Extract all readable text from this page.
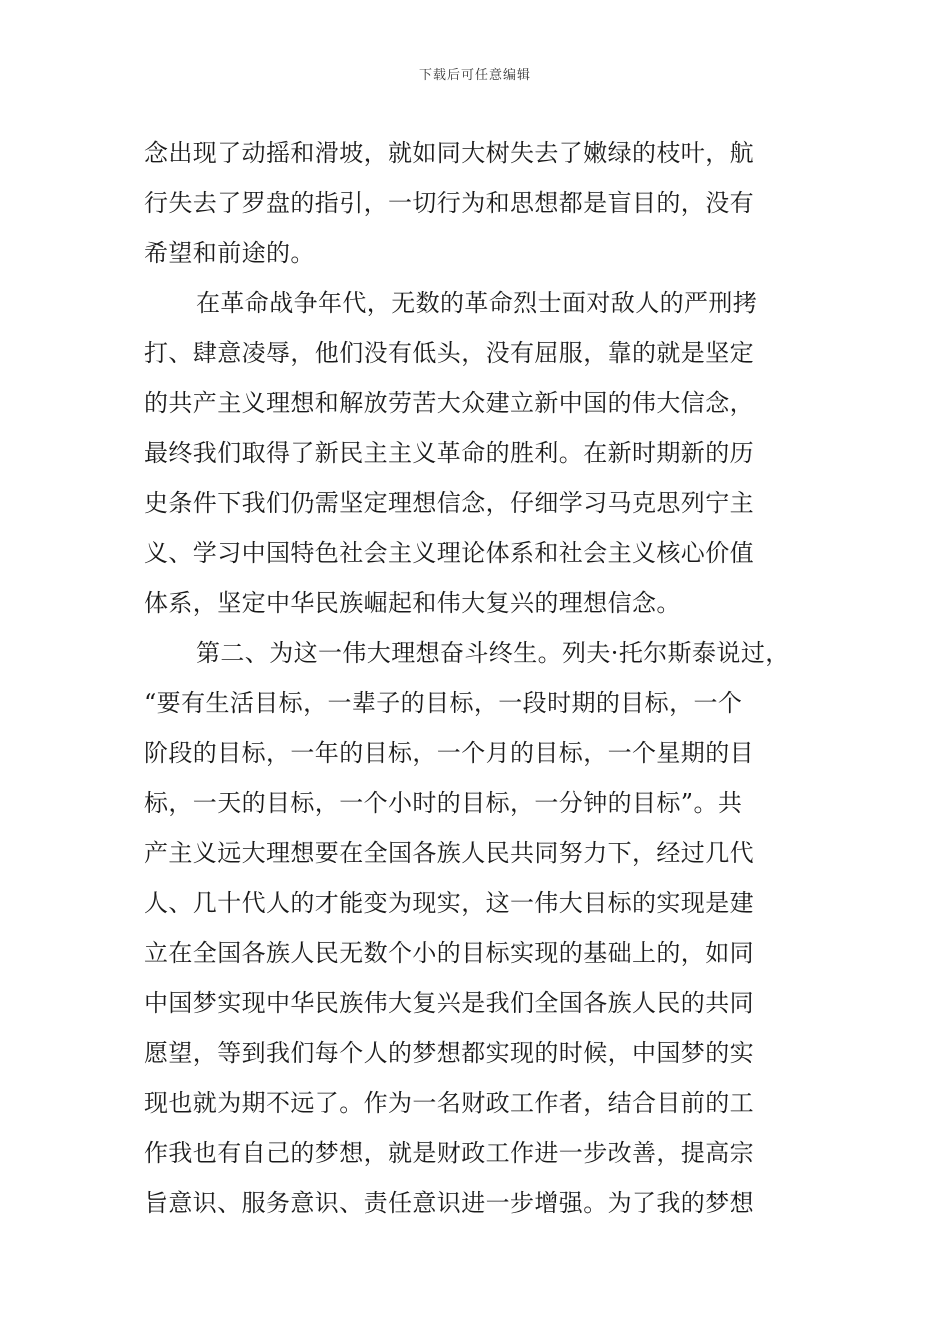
下载后可任意编辑
念出现了动摇和滑坡，就如同大树失去了嫩绿的枝叶，航
行失去了罗盘的指引，一切行为和思想都是盲目的，没有
希望和前途的。
在革命战争年代，无数的革命烈士面对敌人的严刑拷
打、肆意凌辱，他们没有低头，没有屈服，靠的就是坚定
的共产主义理想和解放劳苦大众建立新中国的伟大信念，
最终我们取得了新民主主义革命的胜利。在新时期新的历
史条件下我们仍需坚定理想信念，仔细学习马克思列宁主
义、学习中国特色社会主义理论体系和社会主义核心价值
体系，坚定中华民族崛起和伟大复兴的理想信念。
第二、为这一伟大理想奋斗终生。列夫·托尔斯泰说过，
“要有生活目标，一辈子的目标，一段时期的目标，一个
阶段的目标，一年的目标，一个月的目标，一个星期的目
标，一天的目标，一个小时的目标，一分钟的目标”。共
产主义远大理想要在全国各族人民共同努力下，经过几代
人、几十代人的才能变为现实，这一伟大目标的实现是建
立在全国各族人民无数个小的目标实现的基础上的，如同
中国梦实现中华民族伟大复兴是我们全国各族人民的共同
愿望，等到我们每个人的梦想都实现的时候，中国梦的实
现也就为期不远了。作为一名财政工作者，结合目前的工
作我也有自己的梦想，就是财政工作进一步改善，提高宗
旨意识、服务意识、责任意识进一步增强。为了我的梦想
